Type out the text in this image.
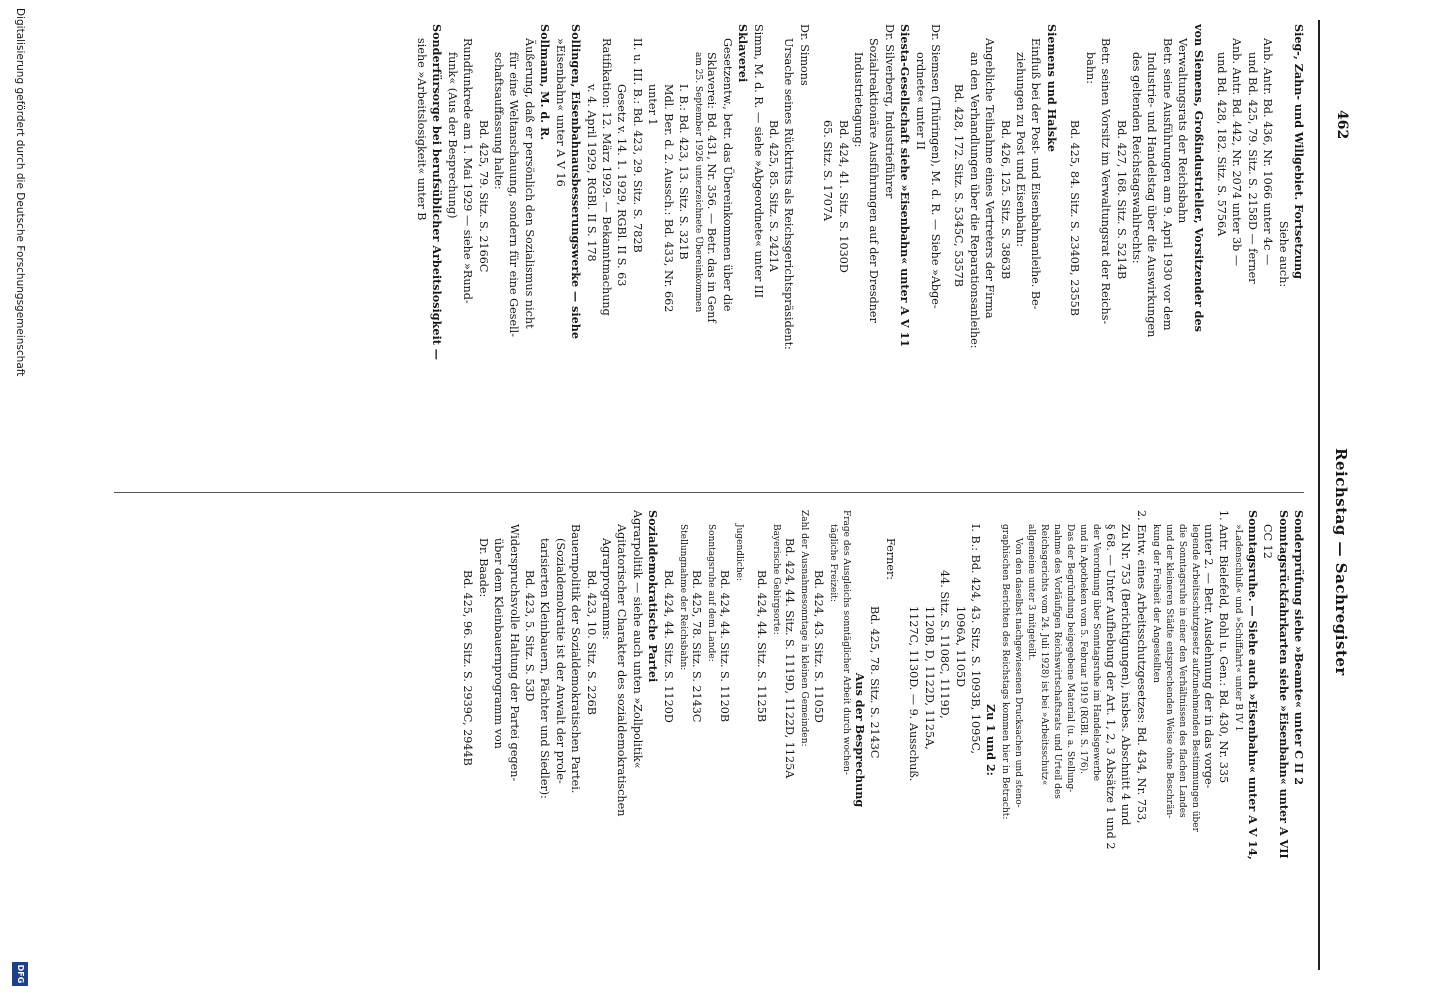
462
Reichstag — Sachregister
Sieg-, Zahn- und Willgebiet. Fortsetzung
Siehe auch:
Anb. Antr. Bd. 436, Nr. 1066 unter 4c —
und Bd. 425, 79. Sitz. S. 2158D — ferner
Anb. Antr. Bd. 442, Nr. 2074 unter 3b —
und Bd. 428, 182. Sitz. S. 5756A
von Siemens, Großindustrieller, Vorsitzender des
Verwaltungsrats der Reichsbahn
Betr. seine Ausführungen am 9. April 1930 vor dem
Industrie- und Handelstag über die Auswirkungen
des geltenden Reichstagswahlrechts:
Bd. 427, 168. Sitz. S. 5214B
Betr. seinen Vorsitz im Verwaltungsrat der Reichs-
bahn:
Bd. 425, 84. Sitz. S. 2340B, 2355B
Siemens und Halske
Einfluß bei der Post- und Eisenbahnanleihe. Be-
ziehungen zu Post und Eisenbahn:
Bd. 426, 125. Sitz. S. 3863B
Angebliche Teilnahme eines Vertreters der Firma
an den Verhandlungen über die Reparationsanleihe:
Bd. 428, 172. Sitz. S. 5345C, 5357B
Dr. Siemsen (Thüringen), M. d. R. — Siehe »Abge-
ordnete« unter II
Siesta-Gesellschaft siehe »Eisenbahn« unter A V 11
Dr. Silverberg, Industrieführer
Sozialreaktionäre Ausführungen auf der Dresdner
Industrietagung:
Bd. 424, 41. Sitz. S. 1030D
65. Sitz. S. 1707A
Dr. Simons
Ursache seines Rücktritts als Reichsgerichtspräsident:
Bd. 425, 85. Sitz. S. 2421A
Simm, M. d. R. — siehe »Abgeordnete« unter III
Sklaverei
Gesetzentw., betr. das Übereinkommen über die
Sklaverei: Bd. 431, Nr. 356. — Betr. das in Genf
am 25. September 1926 unterzeichnete Übereinkommen
I. B.: Bd. 423, 13. Sitz. S. 321B
Mdl. Ber. d. 2. Aussch.: Bd. 433, Nr. 662
unter 1
II. u. III. B.: Bd. 423, 29. Sitz. S. 782B
Gesetz v. 14. 1. 1929, RGBl. II S. 63
Ratifikation: 12. März 1929. — Bekanntmachung
v. 4. April 1929, RGBl. II S. 178
Sollingen, Eisenbahnausbesserungswerke — siehe
»Eisenbahn« unter A V 16
Sollmann, M. d. R.
Äußerung, daß er persönlich den Sozialismus nicht
für eine Weltanschauung, sondern für eine Gesell-
schaftsauffassung halte:
Bd. 425, 79. Sitz. S. 2166C
Rundfunkrede am 1. Mai 1929 — siehe »Rund-
funk« (Aus der Besprechung)
Sonderfürsorge bei berufsüblicher Arbeitslosigkeit —
siehe »Arbeitslosigkeit« unter B
Sonderprüfung siehe »Beamte« unter C II 2
Sonntagsrückfahrkarten siehe »Eisenbahn« unter A VII
CC 12
Sonntagsruhe. — Siehe auch »Eisenbahn« unter A V 14,
»Ladenschluß« und »Schiffahrt« unter B IV 1
1. Antr. Bielefeld, Bohl u. Gen.: Bd. 430, Nr. 335
unter 2. — Betr. Ausdehnung der in das vorge-
legende Arbeitsschutzgesetz aufzunehmenden Bestimmungen über
die Sonntagsruhe in einer den Verhältnissen des flachen Landes
und der kleineren Städte entsprechenden Weise ohne Beschrän-
kung der Freiheit der Angestellten
2. Entw. eines Arbeitsschutzgesetzes: Bd. 434, Nr. 753,
Zu Nr. 753 (Berichtigungen), insbes. Abschnitt 4 und
§ 68. — Unter Aufhebung der Art. 1, 2, 3 Absätze 1 und 2
der Verordnung über Sonntagsruhe im Handelsgewerbe
und in Apotheken vom 5. Februar 1919 (RGBl. S. 176).
Das der Begründung beigegebene Material (u. a. Stellung-
nahme des Vorläufigen Reichswirtschaftsrats und Urteil des
Reichsgerichts vom 24. Juli 1928) ist bei »Arbeitsschutz«
allgemeine unter 3 mitgeteilt.
Von den daselbst nachgewiesenen Drucksachen und steno-
graphischen Berichten des Reichstags kommen hier in Betracht:
Zu 1 und 2:
I. B.: Bd. 424, 43. Sitz. S. 1093B, 1095C,
1096A, 1105D
44. Sitz. S. 1108C, 1119D,
1120B, D, 1122D, 1125A,
1127C, 1130D. — 9. Ausschuß.
Ferner:
Bd. 425, 78. Sitz. S. 2143C
Aus der Besprechung
Frage des Ausgleichs sonntäglicher Arbeit durch wochen-
tägliche Freizeit:
Bd. 424, 43. Sitz. S. 1105D
Zahl der Ausnahmesonntage in kleinen Gemeinden:
Bd. 424, 44. Sitz. S. 1119D, 1122D, 1125A
Bayerische Gebirgsorte:
Bd. 424, 44. Sitz. S. 1125B
Jugendliche:
Bd. 424, 44. Sitz. S. 1120B
Sonntagsruhe auf dem Lande:
Bd. 425, 78. Sitz. S. 2143C
Stellungnahme der Reichsbahn:
Bd. 424, 44. Sitz. S. 1120D
Sozialdemokratische Partei
Agrarpolitik — siehe auch unten »Zollpolitik«
Agitatorischer Charakter des sozialdemokratischen
Agrarprogramms:
Bd. 423, 10. Sitz. S. 226B
Bauernpolitik der Sozialdemokratischen Partei.
(Sozialdemokratie ist der Anwalt der prole-
tarisierten Kleinbauern, Pächter und Siedler):
Bd. 423, 5. Sitz. S. 53D
Widerspruchsvolle Haltung der Partei gegen-
über dem Kleinbauernprogramm von
Dr. Baade:
Bd. 425, 96. Sitz. S. 2939C, 2944B
Digitalisierung gefördert durch die Deutsche Forschungsgemeinschaft
DFG
